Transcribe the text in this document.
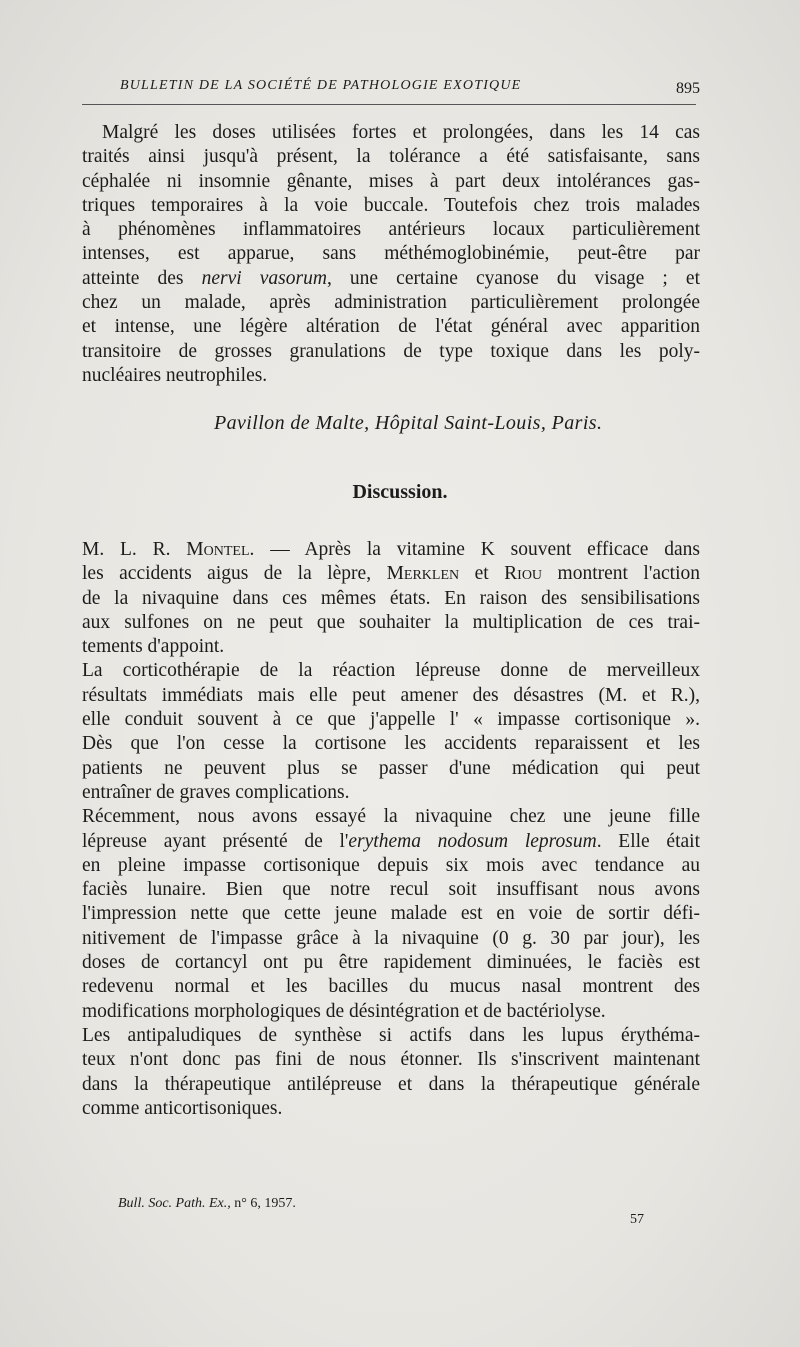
BULLETIN DE LA SOCIÉTÉ DE PATHOLOGIE EXOTIQUE	895
Malgré les doses utilisées fortes et prolongées, dans les 14 cas
traités ainsi jusqu'à présent, la tolérance a été satisfaisante, sans
céphalée ni insomnie gênante, mises à part deux intolérances gas-
triques temporaires à la voie buccale. Toutefois chez trois malades
à phénomènes inflammatoires antérieurs locaux particulièrement
intenses, est apparue, sans méthémoglobinémie, peut-être par
atteinte des nervi vasorum, une certaine cyanose du visage ; et
chez un malade, après administration particulièrement prolongée
et intense, une légère altération de l'état général avec apparition
transitoire de grosses granulations de type toxique dans les poly-
nucléaires neutrophiles.
Pavillon de Malte, Hôpital Saint-Louis, Paris.
Discussion.
M. L. R. Montel. — Après la vitamine K souvent efficace dans
les accidents aigus de la lèpre, Merklen et Riou montrent l'action
de la nivaquine dans ces mêmes états. En raison des sensibilisations
aux sulfones on ne peut que souhaiter la multiplication de ces trai-
tements d'appoint.
La corticothérapie de la réaction lépreuse donne de merveilleux
résultats immédiats mais elle peut amener des désastres (M. et R.),
elle conduit souvent à ce que j'appelle l' « impasse cortisonique ».
Dès que l'on cesse la cortisone les accidents reparaissent et les
patients ne peuvent plus se passer d'une médication qui peut
entraîner de graves complications.
Récemment, nous avons essayé la nivaquine chez une jeune fille
lépreuse ayant présenté de l'erythema nodosum leprosum. Elle était
en pleine impasse cortisonique depuis six mois avec tendance au
faciès lunaire. Bien que notre recul soit insuffisant nous avons
l'impression nette que cette jeune malade est en voie de sortir défi-
nitivement de l'impasse grâce à la nivaquine (0 g. 30 par jour), les
doses de cortancyl ont pu être rapidement diminuées, le faciès est
redevenu normal et les bacilles du mucus nasal montrent des
modifications morphologiques de désintégration et de bactériolyse.
Les antipaludiques de synthèse si actifs dans les lupus érythéma-
teux n'ont donc pas fini de nous étonner. Ils s'inscrivent maintenant
dans la thérapeutique antilépreuse et dans la thérapeutique générale
comme anticortisoniques.
Bull. Soc. Path. Ex., n° 6, 1957.
57
